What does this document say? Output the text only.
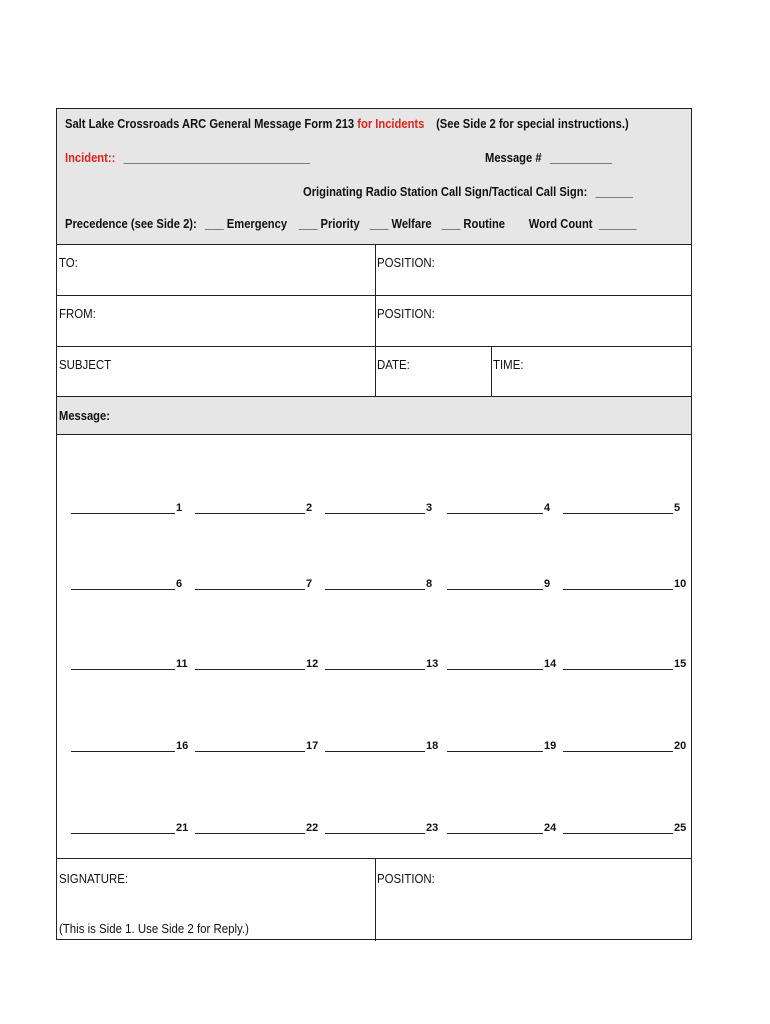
Salt Lake Crossroads ARC General Message Form 213 for Incidents (See Side 2 for special instructions.)
Incident:: ______________________________	Message # __________
Originating Radio Station Call Sign/Tactical Call Sign: ______
Precedence (see Side 2): ___ Emergency ___ Priority ___ Welfare ___ Routine Word Count ______
TO:	POSITION:
FROM:	POSITION:
SUBJECT	DATE:	TIME:
Message:
1	2	3	4	5
6	7	8	9	10
11	12	13	14	15
16	17	18	19	20
21	22	23	24	25
SIGNATURE:
(This is Side 1. Use Side 2 for Reply.)
POSITION:
